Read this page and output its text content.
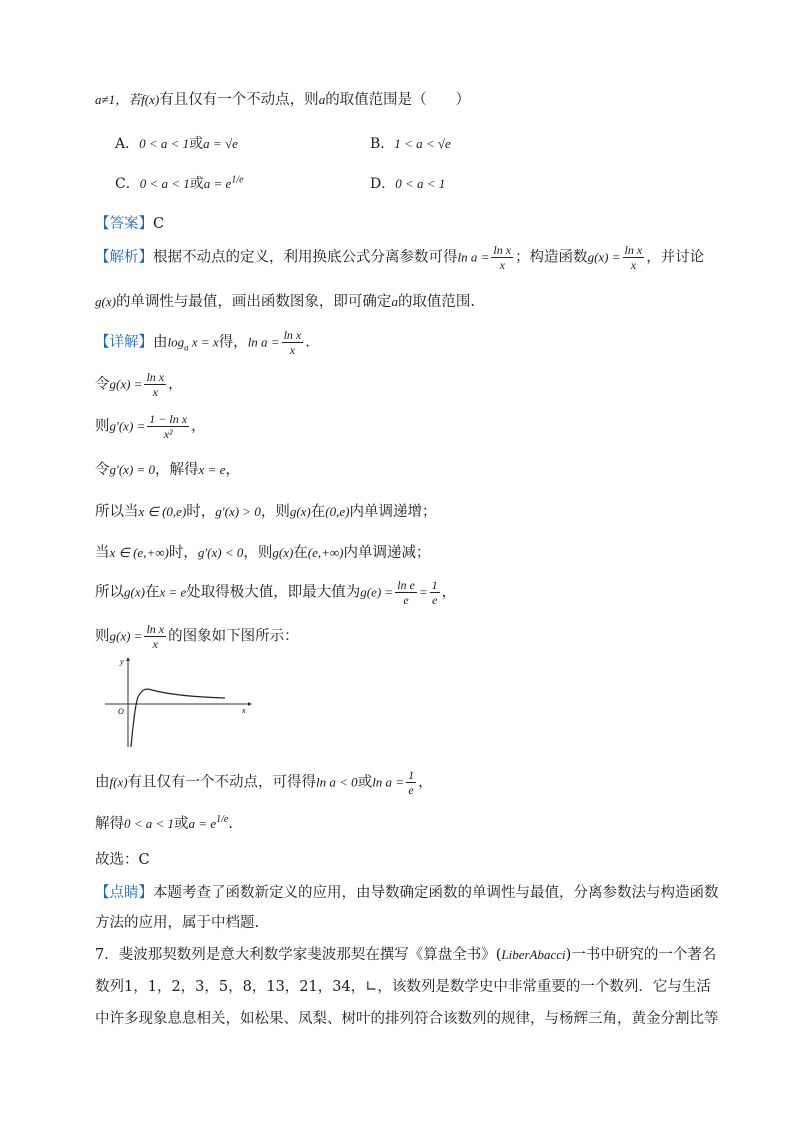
a≠1，若f(x)有且仅有一个不动点，则a的取值范围是（　　）
A．0 < a < 1或a = √e	B．1 < a < √e
C．0 < a < 1或$a = e^{1/e}$	D．0 < a < 1
【答案】C
【解析】根据不动点的定义，利用换底公式分离参数可得$\ln a = \frac{\text{ln x}}{x}$ ；构造函数$g(x) = \frac{\text{ln x}}{x}$ ，并讨论
g(x)的单调性与最值，画出函数图象，即可确定a的取值范围.
【详解】由$\log_a x = x$得，$\ln a = \frac{\text{ln x}}{x}$ .
令$g(x) = \frac{\text{ln x}}{x}$ ，
则$g'(x) = \frac{\text{1 − ln x}}{\text{x²}}$ ，
令g′(x) = 0，解得x = e，
所以当x ∈ (0,e)时，g′(x) > 0，则g(x)在(0,e)内单调递增；
当x ∈ (e,+∞)时，g′(x) < 0，则g(x)在(e,+∞)内单调递减；
所以g(x)在x = e处取得极大值，即最大值为$g(e) = \frac{\text{ln e}}{e} = \frac{1}{e}$ ，
则$g(x) = \frac{\text{ln x}}{x}$ 的图象如下图所示：
y
x
O
由f(x)有且仅有一个不动点，可得得ln a < 0或$\ln a = \frac{1}{e}$ ，
解得0 < a < 1或$a = e^{1/e}$.
故选：C
【点睛】本题考查了函数新定义的应用，由导数确定函数的单调性与最值，分离参数法与构造函数
方法的应用，属于中档题.
7．斐波那契数列是意大利数学家斐波那契在撰写《算盘全书》(LiberAbacci)一书中研究的一个著名
数列1，1，2，3，5，8，13，21，34，∟，该数列是数学史中非常重要的一个数列．它与生活
中许多现象息息相关，如松果、凤梨、树叶的排列符合该数列的规律，与杨辉三角，黄金分割比等
